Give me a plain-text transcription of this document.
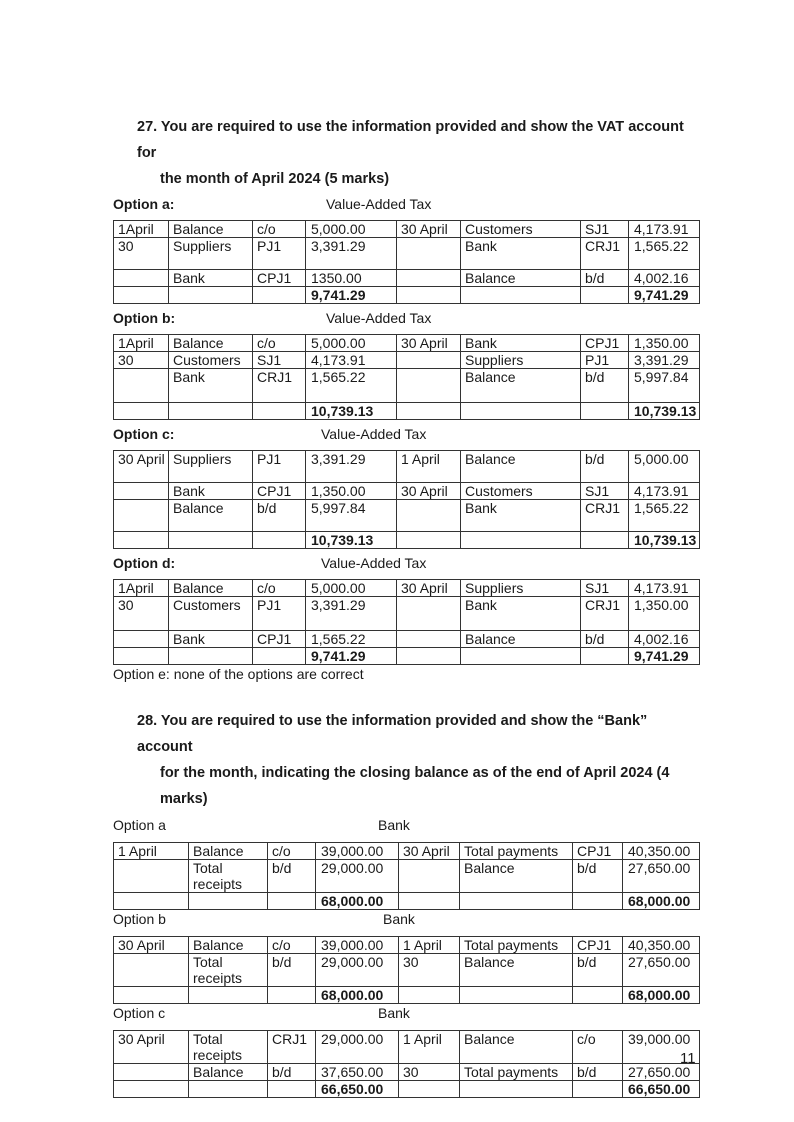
27. You are required to use the information provided and show the VAT account for
the month of April 2024 (5 marks)
Option a:	Value-Added Tax
1April	Balance	c/o	5,000.00	30 April	Customers	SJ1	4,173.91
30	Suppliers	PJ1	3,391.29		Bank	CRJ1	1,565.22
	Bank	CPJ1	1350.00		Balance	b/d	4,002.16
			9,741.29				9,741.29
Option b:	Value-Added Tax
1April	Balance	c/o	5,000.00	30 April	Bank	CPJ1	1,350.00
30	Customers	SJ1	4,173.91		Suppliers	PJ1	3,391.29
	Bank	CRJ1	1,565.22		Balance	b/d	5,997.84
			10,739.13				10,739.13
Option c:	Value-Added Tax
30 April	Suppliers	PJ1	3,391.29	1 April	Balance	b/d	5,000.00
	Bank	CPJ1	1,350.00	30 April	Customers	SJ1	4,173.91
	Balance	b/d	5,997.84		Bank	CRJ1	1,565.22
			10,739.13				10,739.13
Option d:	Value-Added Tax
1April	Balance	c/o	5,000.00	30 April	Suppliers	SJ1	4,173.91
30	Customers	PJ1	3,391.29		Bank	CRJ1	1,350.00
	Bank	CPJ1	1,565.22		Balance	b/d	4,002.16
			9,741.29				9,741.29
Option e: none of the options are correct
28. You are required to use the information provided and show the “Bank” account
for the month, indicating the closing balance as of the end of April 2024 (4 marks)
Option a	Bank
1 April	Balance	c/o	39,000.00	30 April	Total payments	CPJ1	40,350.00
	Total receipts	b/d	29,000.00		Balance	b/d	27,650.00
			68,000.00				68,000.00
Option b	Bank
30 April	Balance	c/o	39,000.00	1 April	Total payments	CPJ1	40,350.00
	Total receipts	b/d	29,000.00	30	Balance	b/d	27,650.00
			68,000.00				68,000.00
Option c	Bank
30 April	Total receipts	CRJ1	29,000.00	1 April	Balance	c/o	39,000.00
	Balance	b/d	37,650.00	30	Total payments	b/d	27,650.00
			66,650.00				66,650.00
11
